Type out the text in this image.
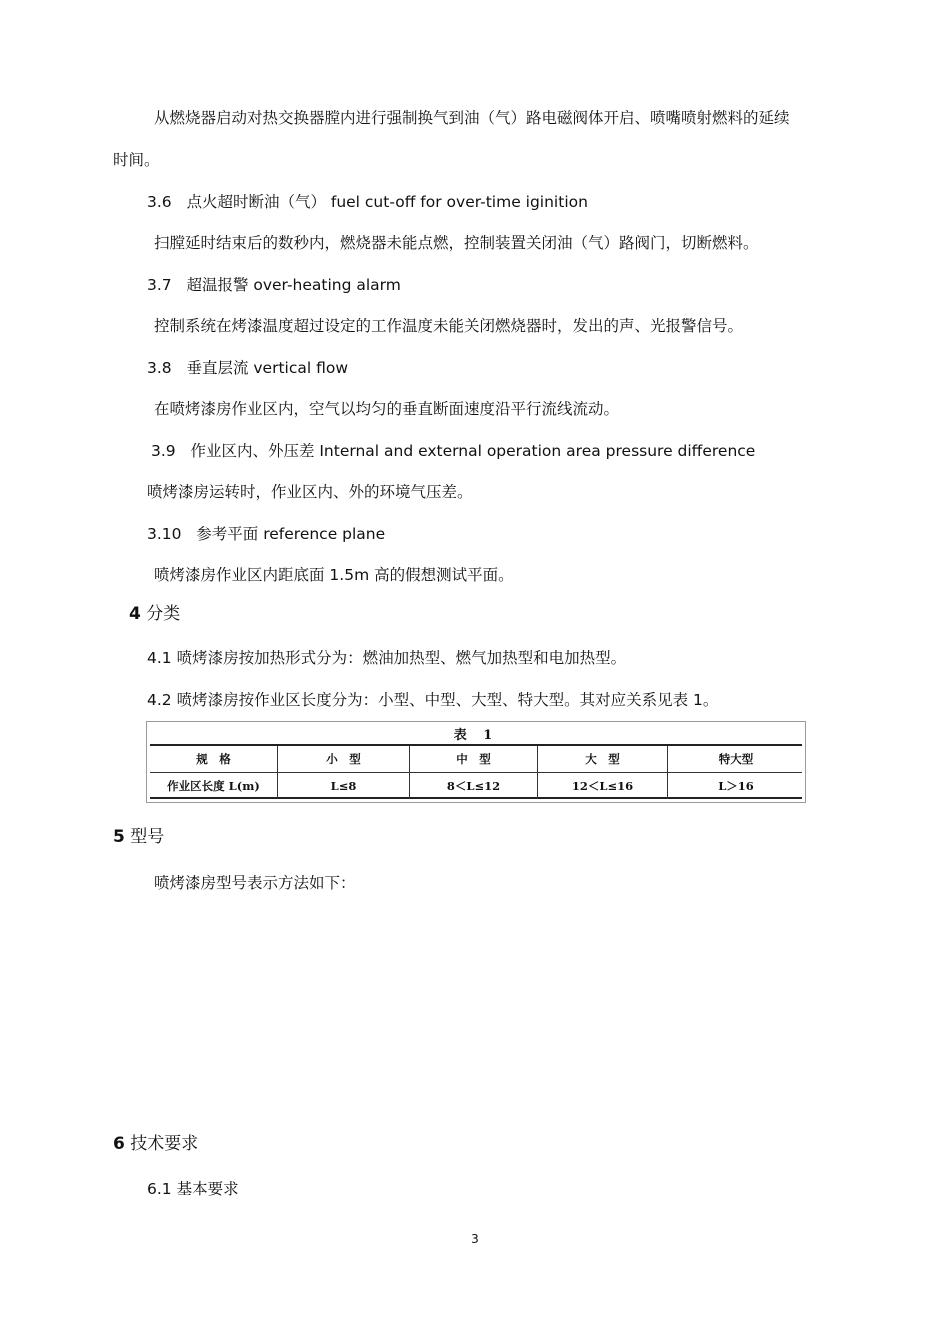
从燃烧器启动对热交换器膛内进行强制换气到油（气）路电磁阀体开启、喷嘴喷射燃料的延续
时间。
3.6 点火超时断油（气） fuel cut-off for over-time iginition
扫膛延时结束后的数秒内，燃烧器未能点燃，控制装置关闭油（气）路阀门，切断燃料。
3.7 超温报警 over-heating alarm
控制系统在烤漆温度超过设定的工作温度未能关闭燃烧器时，发出的声、光报警信号。
3.8 垂直层流 vertical flow
在喷烤漆房作业区内，空气以均匀的垂直断面速度沿平行流线流动。
3.9 作业区内、外压差 Internal and external operation area pressure difference
喷烤漆房运转时，作业区内、外的环境气压差。
3.10 参考平面 reference plane
喷烤漆房作业区内距底面 1.5m 高的假想测试平面。
4 分类
4.1 喷烤漆房按加热形式分为：燃油加热型、燃气加热型和电加热型。
4.2 喷烤漆房按作业区长度分为：小型、中型、大型、特大型。其对应关系见表 1。
表 1
规　格	小　型	中　型	大　型	特大型
作业区长度 L(m)	L≤8	8＜L≤12	12＜L≤16	L＞16
5 型号
喷烤漆房型号表示方法如下：
6 技术要求
6.1 基本要求
3
